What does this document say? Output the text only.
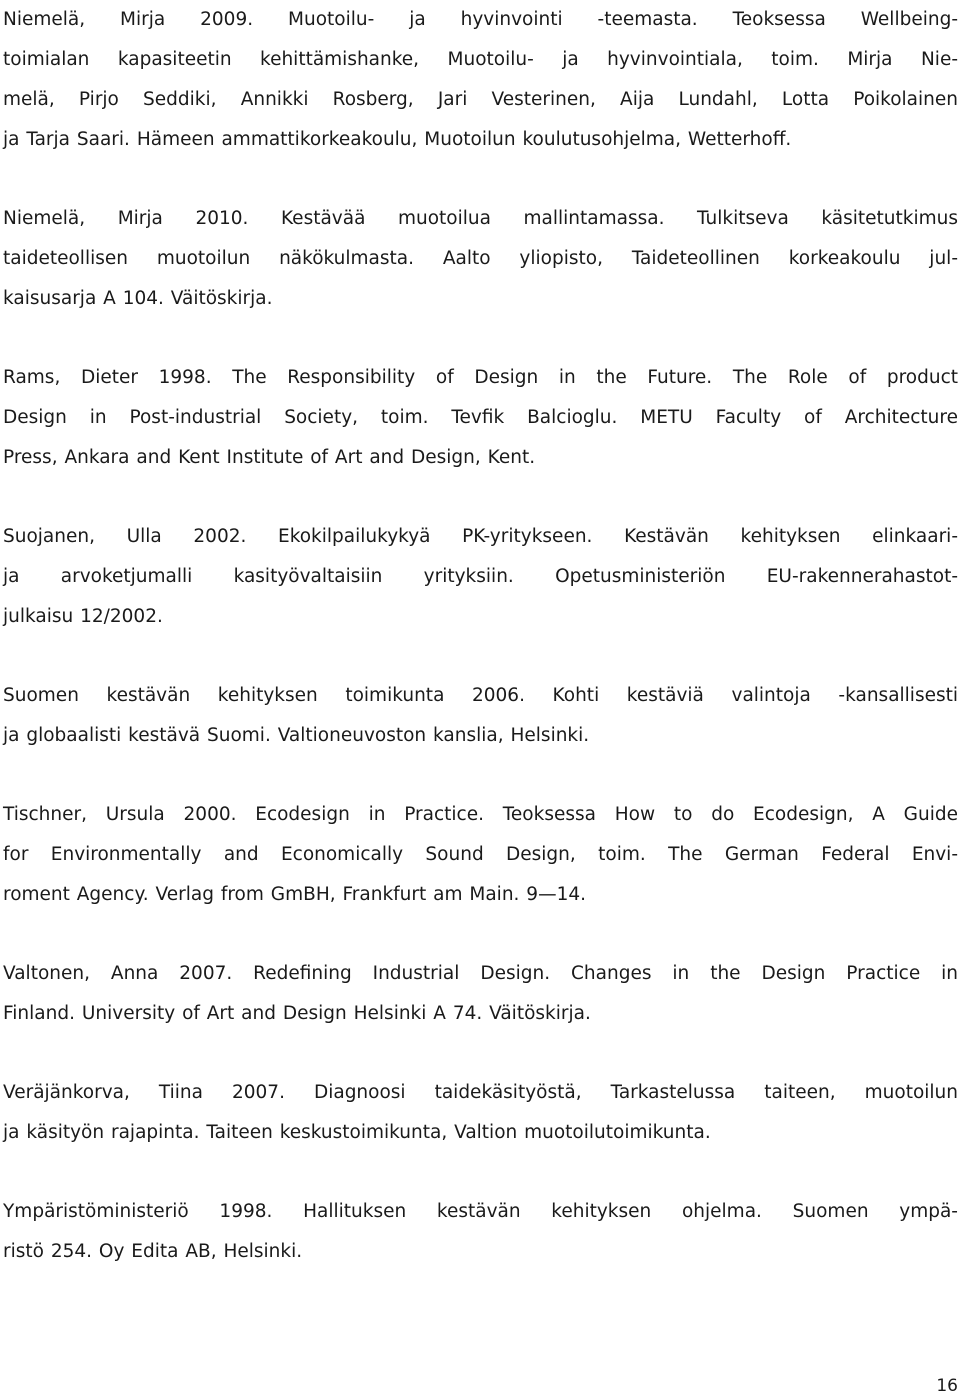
Niemelä, Mirja 2009. Muotoilu- ja hyvinvointi -teemasta. Teoksessa Wellbeing-
toimialan kapasiteetin kehittämishanke, Muotoilu- ja hyvinvointiala, toim. Mirja Nie-
melä, Pirjo Seddiki, Annikki Rosberg, Jari Vesterinen, Aija Lundahl, Lotta Poikolainen
ja Tarja Saari. Hämeen ammattikorkeakoulu, Muotoilun koulutusohjelma, Wetterhoff.
Niemelä, Mirja 2010. Kestävää muotoilua mallintamassa. Tulkitseva käsitetutkimus
taideteollisen muotoilun näkökulmasta. Aalto yliopisto, Taideteollinen korkeakoulu jul-
kaisusarja A 104. Väitöskirja.
Rams, Dieter 1998. The Responsibility of Design in the Future. The Role of product
Design in Post-industrial Society, toim. Tevfik Balcioglu. METU Faculty of Architecture
Press, Ankara and Kent Institute of Art and Design, Kent.
Suojanen, Ulla 2002. Ekokilpailukykyä PK-yritykseen. Kestävän kehityksen elinkaari-
ja arvoketjumalli kasityövaltaisiin yrityksiin. Opetusministeriön EU-rakennerahastot-
julkaisu 12/2002.
Suomen kestävän kehityksen toimikunta 2006. Kohti kestäviä valintoja -kansallisesti
ja globaalisti kestävä Suomi. Valtioneuvoston kanslia, Helsinki.
Tischner, Ursula 2000. Ecodesign in Practice. Teoksessa How to do Ecodesign, A Guide
for Environmentally and Economically Sound Design, toim. The German Federal Envi-
roment Agency. Verlag from GmBH, Frankfurt am Main. 9—14.
Valtonen, Anna 2007. Redefining Industrial Design. Changes in the Design Practice in
Finland. University of Art and Design Helsinki A 74. Väitöskirja.
Veräjänkorva, Tiina 2007. Diagnoosi taidekäsityöstä, Tarkastelussa taiteen, muotoilun
ja käsityön rajapinta. Taiteen keskustoimikunta, Valtion muotoilutoimikunta.
Ympäristöministeriö 1998. Hallituksen kestävän kehityksen ohjelma. Suomen ympä-
ristö 254. Oy Edita AB, Helsinki.
16
